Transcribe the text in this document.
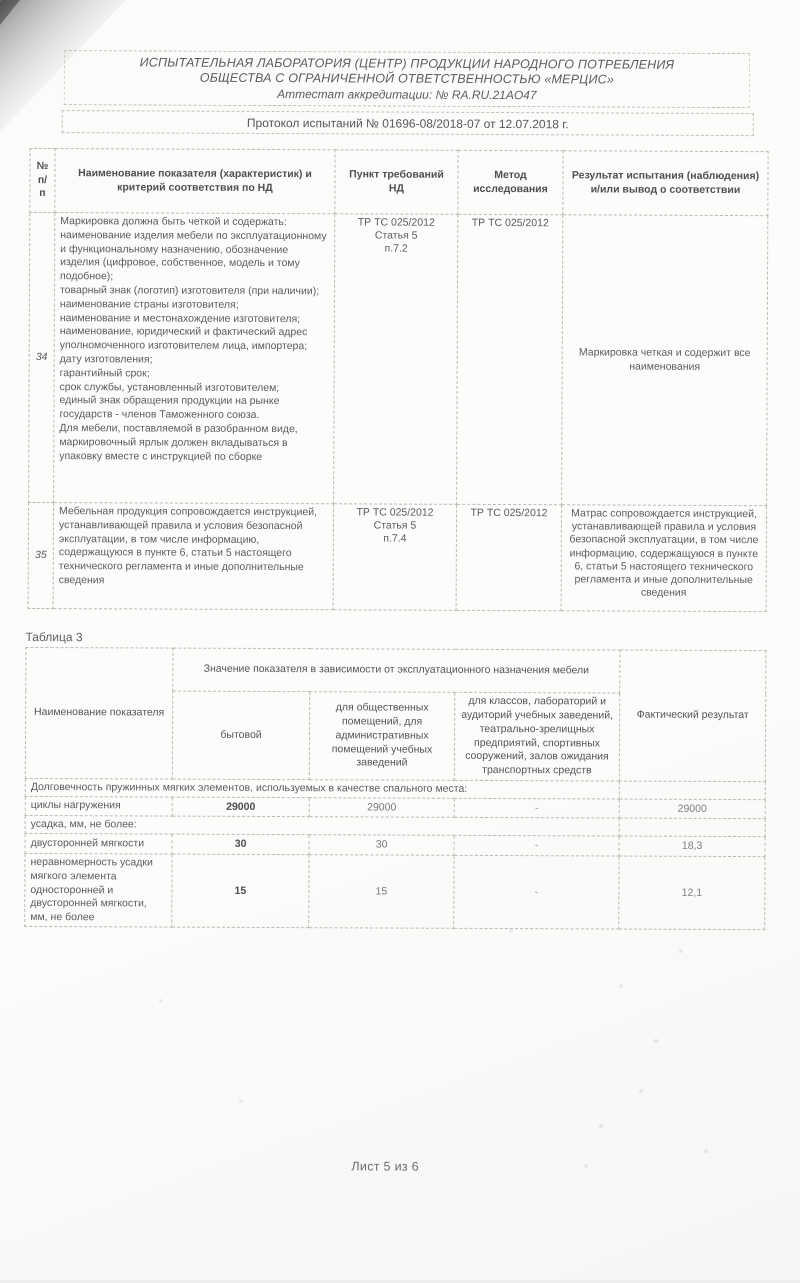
ИСПЫТАТЕЛЬНАЯ ЛАБОРАТОРИЯ (ЦЕНТР) ПРОДУКЦИИ НАРОДНОГО ПОТРЕБЛЕНИЯ
ОБЩЕСТВА С ОГРАНИЧЕННОЙ ОТВЕТСТВЕННОСТЬЮ «МЕРЦИС»
Аттестат аккредитации: № RA.RU.21AO47
Протокол испытаний № 01696-08/2018-07 от 12.07.2018 г.
№ п/п	Наименование показателя (характеристик) и критерий соответствия по НД	Пункт требований НД	Метод исследования	Результат испытания (наблюдения) и/или вывод о соответствии
34	Маркировка должна быть четкой и содержать:
наименование изделия мебели по эксплуатационному и функциональному назначению, обозначение изделия (цифровое, собственное, модель и тому подобное);
товарный знак (логотип) изготовителя (при наличии);
наименование страны изготовителя;
наименование и местонахождение изготовителя;
наименование, юридический и фактический адрес уполномоченного изготовителем лица, импортера;
дату изготовления;
гарантийный срок;
срок службы, установленный изготовителем;
единый знак обращения продукции на рынке государств - членов Таможенного союза.
Для мебели, поставляемой в разобранном виде, маркировочный ярлык должен вкладываться в упаковку вместе с инструкцией по сборке	ТР ТС 025/2012
Статья 5
п.7.2	ТР ТС 025/2012	Маркировка четкая и содержит все наименования
35	Мебельная продукция сопровождается инструкцией, устанавливающей правила и условия безопасной эксплуатации, в том числе информацию, содержащуюся в пункте 6, статьи 5 настоящего технического регламента и иные дополнительные сведения	ТР ТС 025/2012
Статья 5
п.7.4	ТР ТС 025/2012	Матрас сопровождается инструкцией, устанавливающей правила и условия безопасной эксплуатации, в том числе информацию, содержащуюся в пункте 6, статьи 5 настоящего технического регламента и иные дополнительные сведения
Таблица 3
Наименование показателя	Значение показателя в зависимости от эксплуатационного назначения мебели			Фактический результат
	бытовой	для общественных помещений, для административных помещений учебных заведений	для классов, лабораторий и аудиторий учебных заведений, театрально-зрелищных предприятий, спортивных сооружений, залов ожидания транспортных средств	
Долговечность пружинных мягких элементов, используемых в качестве спального места:				
циклы нагружения	29000	29000	-	29000
усадка, мм, не более:				
двусторонней мягкости	30	30	-	18,3
неравномерность усадки
мягкого элемента
односторонней и
двусторонней мягкости,
мм, не более	15	15	-	12,1
Лист 5 из 6
